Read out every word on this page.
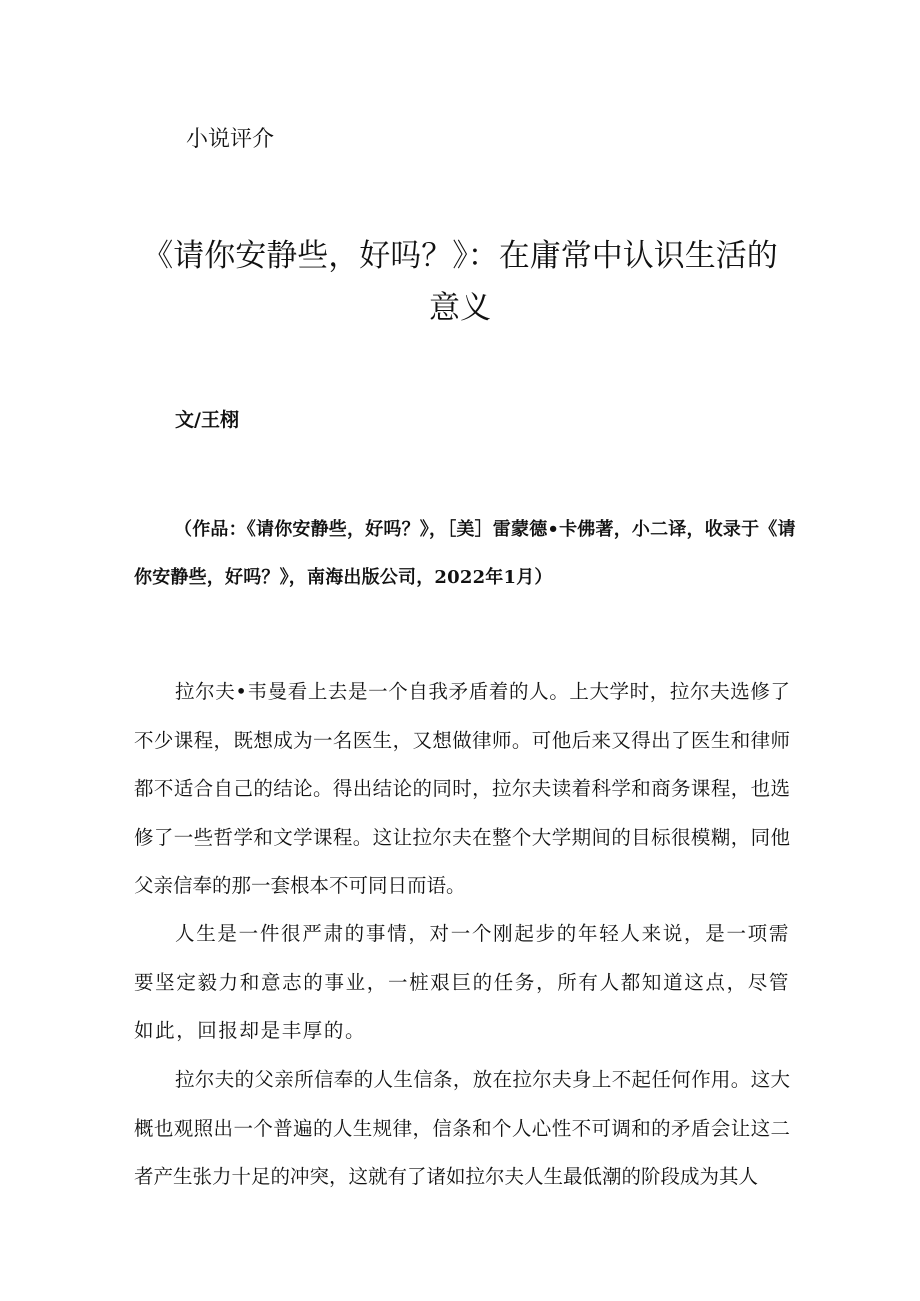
小说评介

《请你安静些，好吗？》：在庸常中认识生活的意义

文/王栩

（作品：《请你安静些，好吗？》，［美］雷蒙德•卡佛著，小二译，收录于《请你安静些，好吗？》，南海出版公司，2022年1月）

拉尔夫•韦曼看上去是一个自我矛盾着的人。上大学时，拉尔夫选修了不少课程，既想成为一名医生，又想做律师。可他后来又得出了医生和律师都不适合自己的结论。得出结论的同时，拉尔夫读着科学和商务课程，也选修了一些哲学和文学课程。这让拉尔夫在整个大学期间的目标很模糊，同他父亲信奉的那一套根本不可同日而语。

人生是一件很严肃的事情，对一个刚起步的年轻人来说，是一项需要坚定毅力和意志的事业，一桩艰巨的任务，所有人都知道这点，尽管如此，回报却是丰厚的。

拉尔夫的父亲所信奉的人生信条，放在拉尔夫身上不起任何作用。这大概也观照出一个普遍的人生规律，信条和个人心性不可调和的矛盾会让这二者产生张力十足的冲突，这就有了诸如拉尔夫人生最低潮的阶段成为其人
